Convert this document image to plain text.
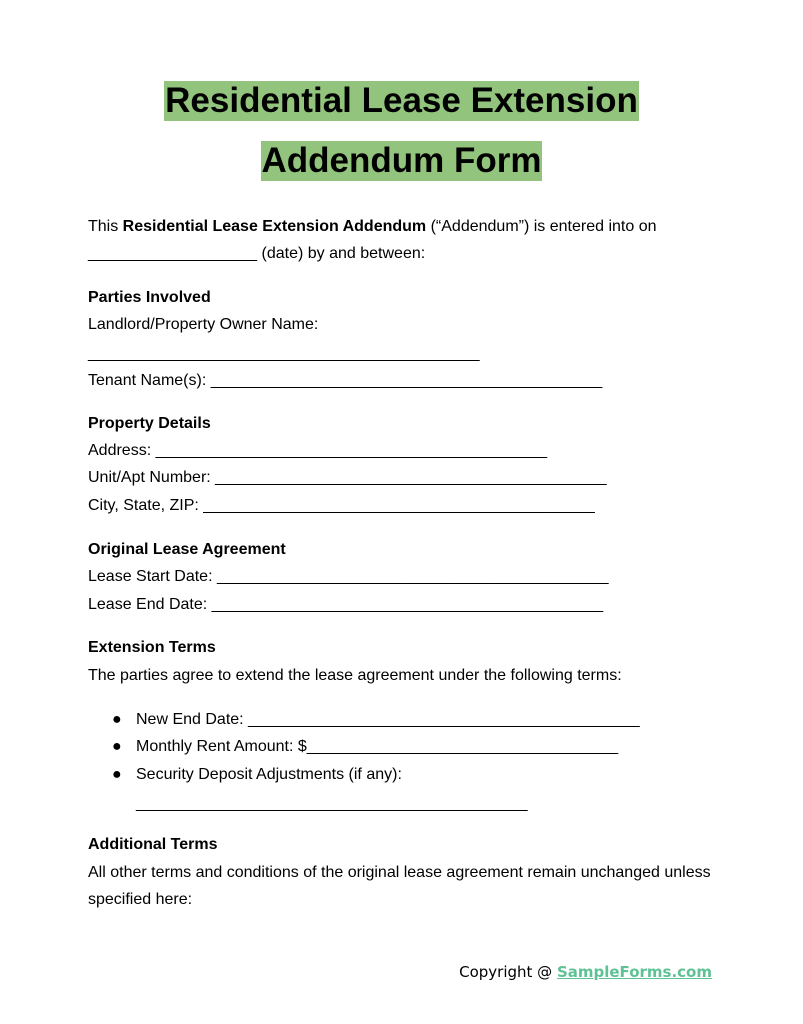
Residential Lease Extension
Addendum Form
This Residential Lease Extension Addendum (“Addendum”) is entered into on
___________________ (date) by and between:
Parties Involved
Landlord/Property Owner Name:
____________________________________________
Tenant Name(s): ____________________________________________
Property Details
Address: ____________________________________________
Unit/Apt Number: ____________________________________________
City, State, ZIP: ____________________________________________
Original Lease Agreement
Lease Start Date: ____________________________________________
Lease End Date: ____________________________________________
Extension Terms
The parties agree to extend the lease agreement under the following terms:
● New End Date: ____________________________________________
● Monthly Rent Amount: $___________________________________
● Security Deposit Adjustments (if any):
____________________________________________
Additional Terms
All other terms and conditions of the original lease agreement remain unchanged unless
specified here:
Copyright @ SampleForms.com
